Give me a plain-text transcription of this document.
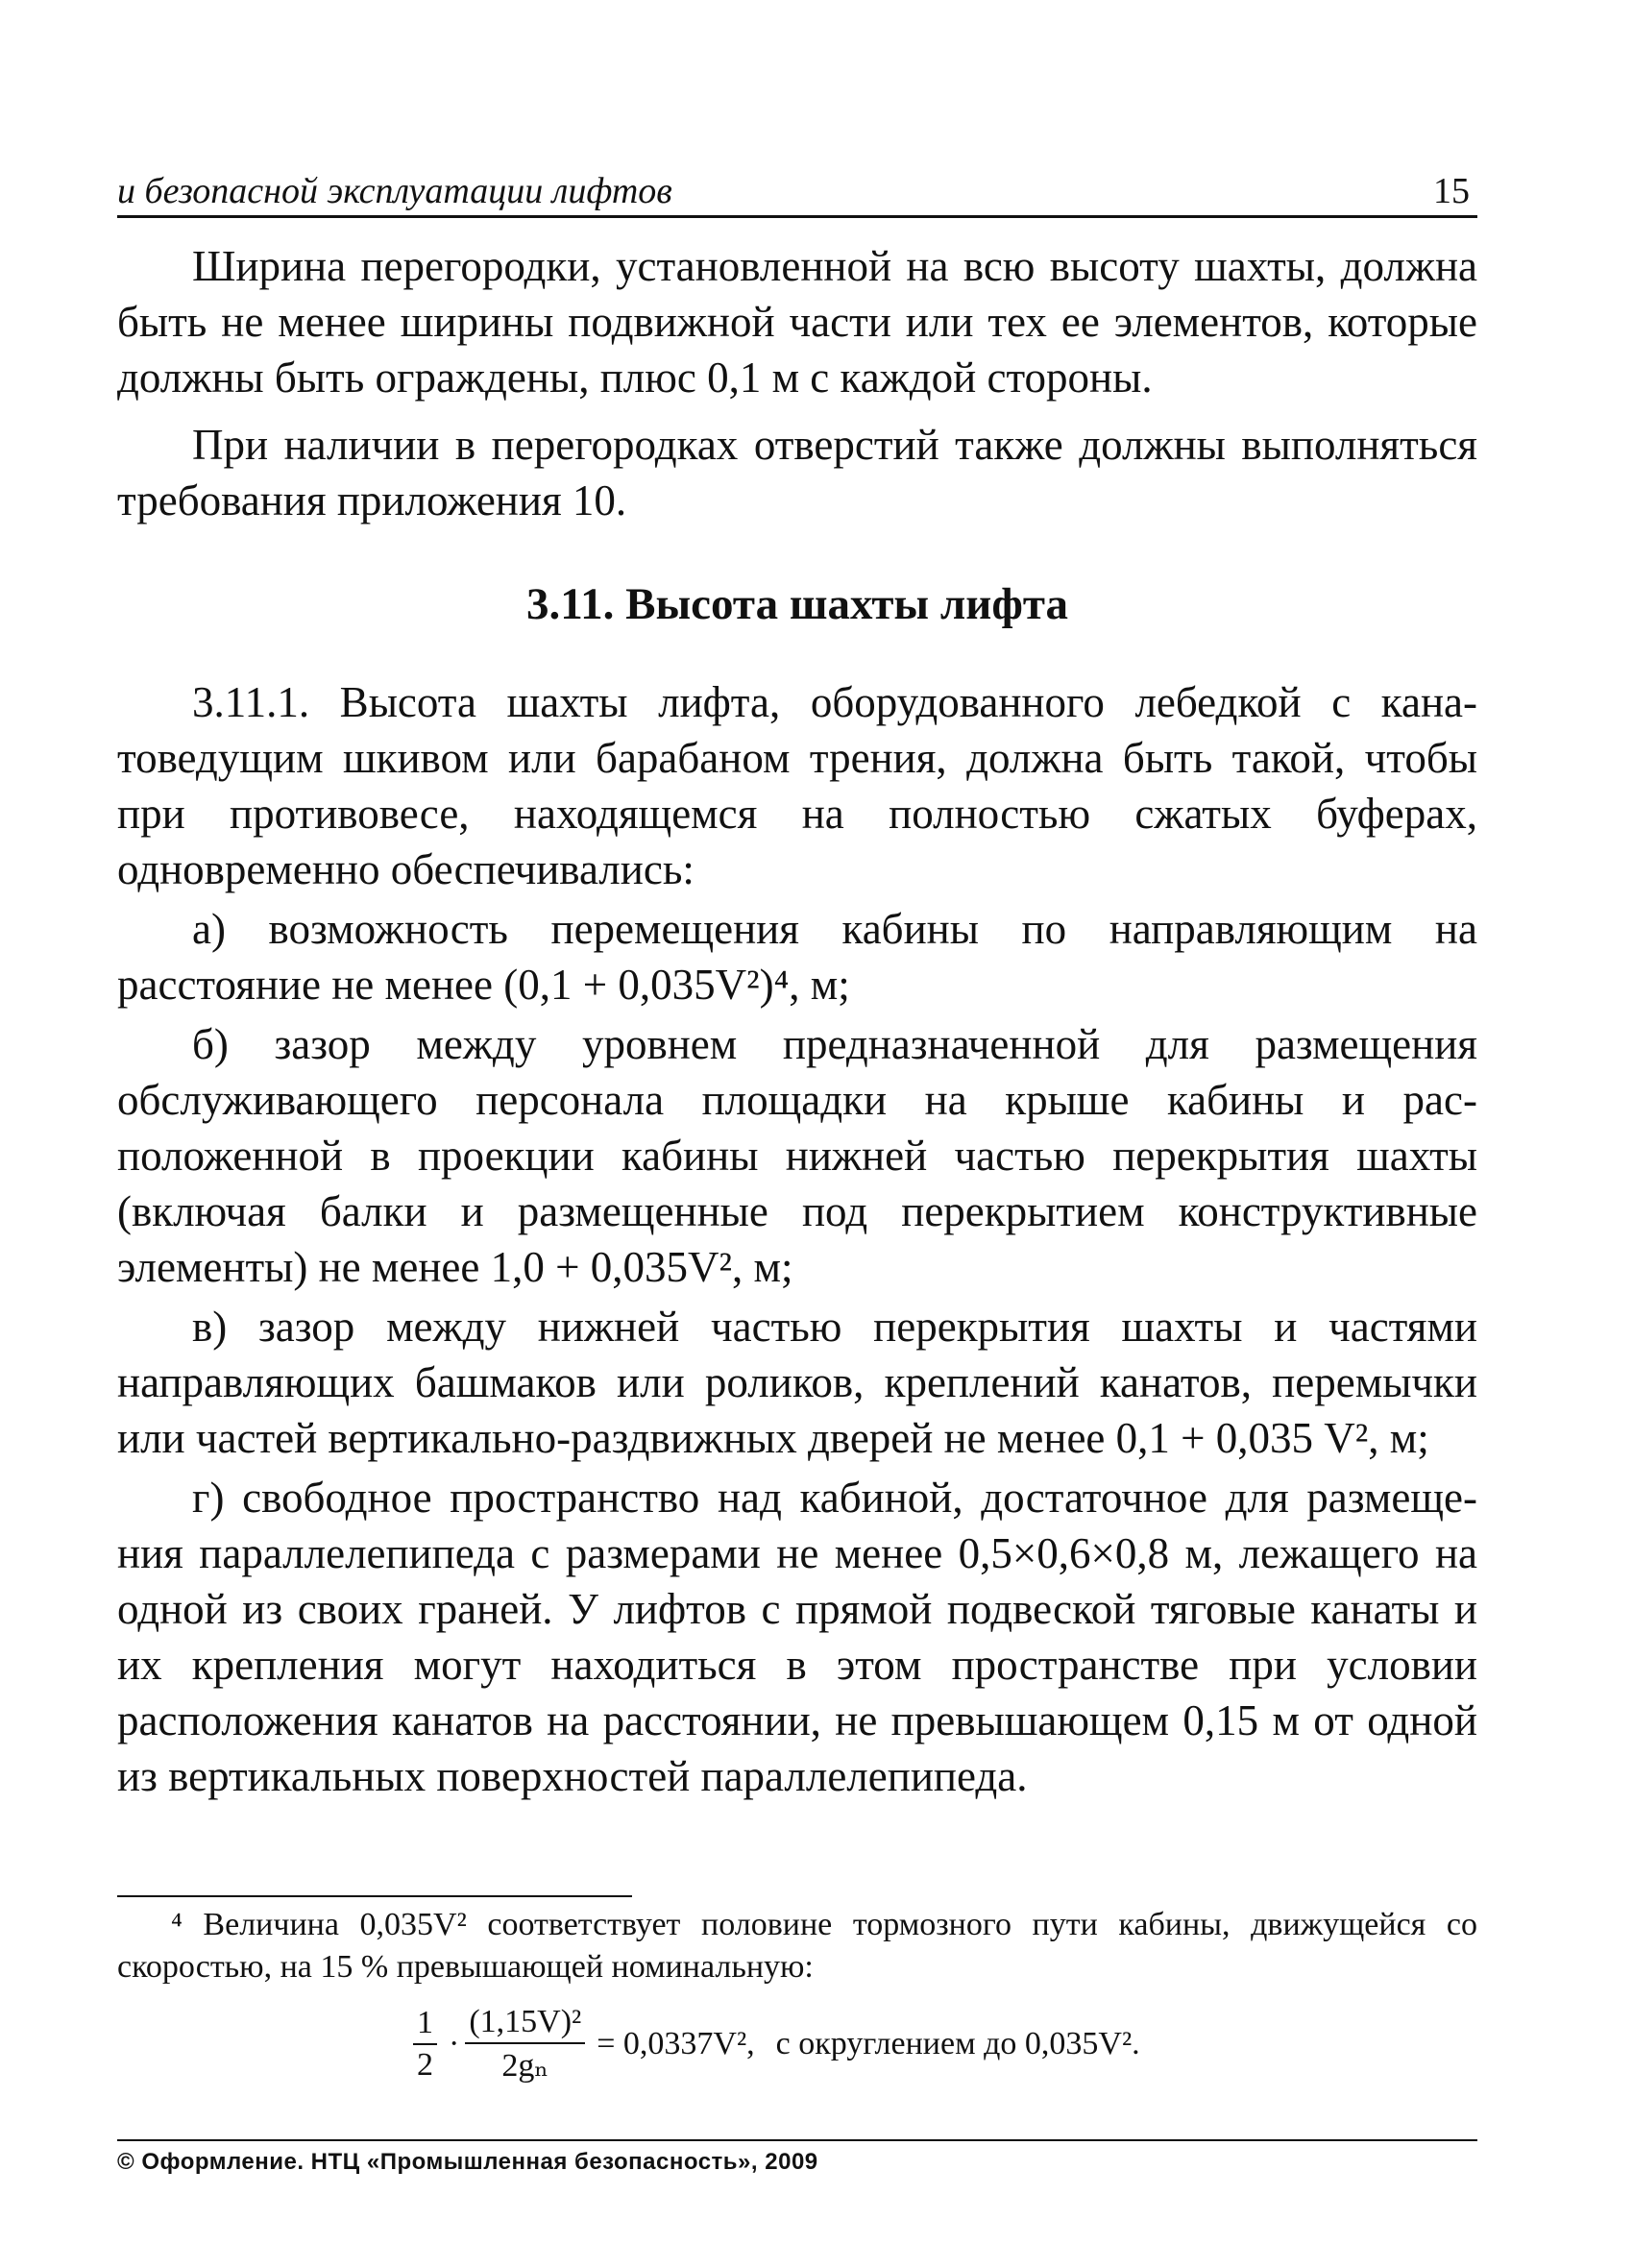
и безопасной эксплуатации лифтов	15

Ширина перегородки, установленной на всю высоту шахты, должна быть не менее ширины подвижной части или тех ее элементов, которые должны быть ограждены, плюс 0,1 м с каждой стороны.

При наличии в перегородках отверстий также должны выполняться требования приложения 10.

3.11. Высота шахты лифта

3.11.1. Высота шахты лифта, оборудованного лебедкой с канатоведущим шкивом или барабаном трения, должна быть такой, чтобы при противовесе, находящемся на полностью сжатых буферах, одновременно обеспечивались:

а) возможность перемещения кабины по направляющим на расстояние не менее (0,1 + 0,035V²)⁴, м;

б) зазор между уровнем предназначенной для размещения обслуживающего персонала площадки на крыше кабины и расположенной в проекции кабины нижней частью перекрытия шахты (включая балки и размещенные под перекрытием конструктивные элементы) не менее 1,0 + 0,035V², м;

в) зазор между нижней частью перекрытия шахты и частями направляющих башмаков или роликов, креплений канатов, перемычки или частей вертикально-раздвижных дверей не менее 0,1 + 0,035 V², м;

г) свободное пространство над кабиной, достаточное для размещения параллелепипеда с размерами не менее 0,5×0,6×0,8 м, лежащего на одной из своих граней. У лифтов с прямой подвеской тяговые канаты и их крепления могут находиться в этом пространстве при условии расположения канатов на расстоянии, не превышающем 0,15 м от одной из вертикальных поверхностей параллелепипеда.

⁴ Величина 0,035V² соответствует половине тормозного пути кабины, движущейся со скоростью, на 15 % превышающей номинальную:

$\frac{1}{2} \cdot \frac{\text{(1,15V)²}}{\text{2gₙ}} = 0,0337V^2$, с округлением до 0,035V².
© Оформление. НТЦ «Промышленная безопасность», 2009
